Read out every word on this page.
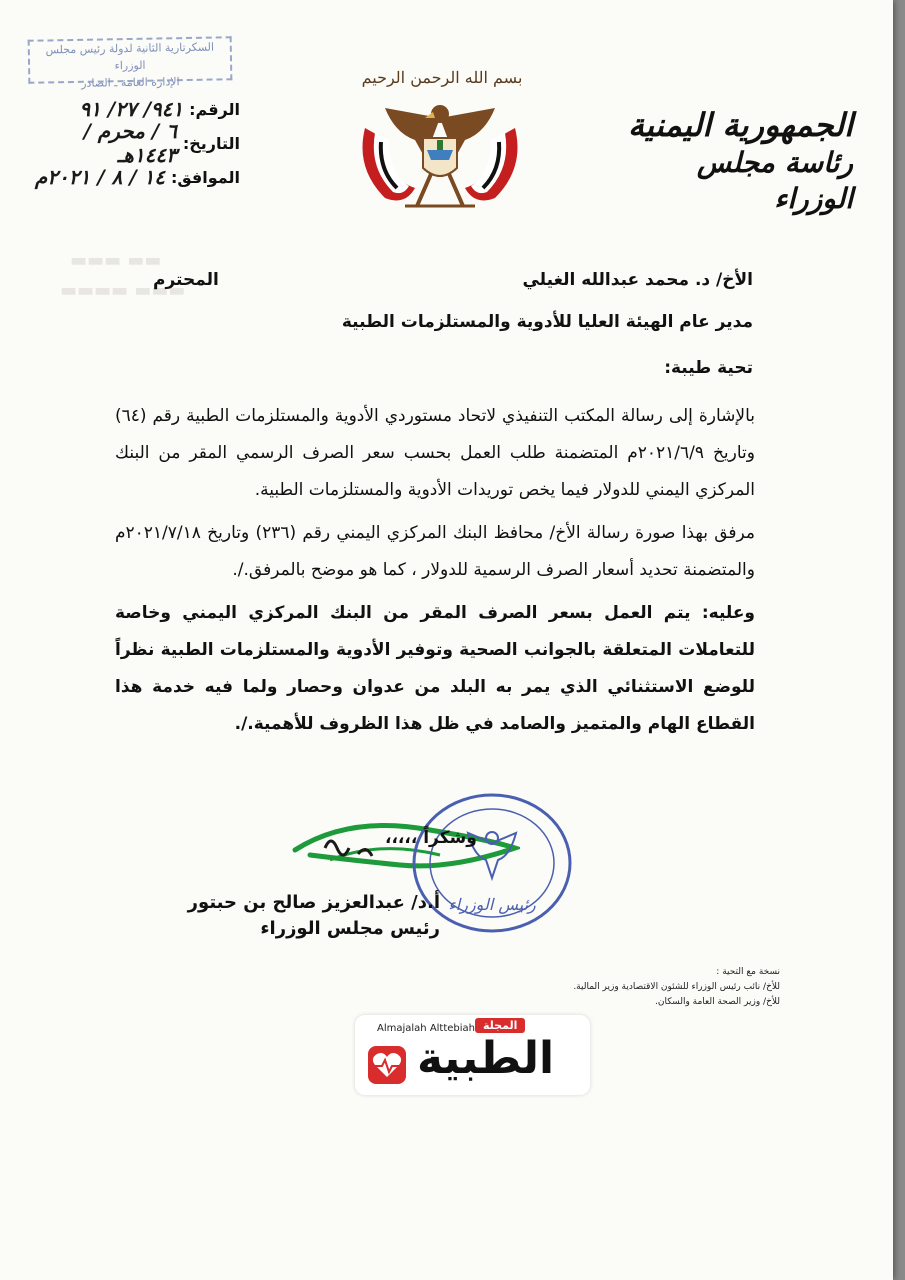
▬▬▬ ▬▬
▬▬▬▬ ▬▬▬
السكرتارية الثانية لدولة رئيس مجلس الوزراء
الإدارة العامة ـ الصادر
الرقم:
٩٤١/ ٢٧/ ٩١
التاريخ:
٦ / محرم / ١٤٤٣هـ
الموافق:
١٤ / ٨ / ٢٠٢١م
بسم الله الرحمن الرحيم
الجمهورية اليمنية
رئاسة مجلس الوزراء
الأخ/ د. محمد عبدالله الغيلي
المحترم
مدير عام الهيئة العليا للأدوية والمستلزمات الطبية
تحية طيبة:

بالإشارة إلى رسالة المكتب التنفيذي لاتحاد مستوردي الأدوية والمستلزمات الطبية رقم (٦٤) وتاريخ ٢٠٢١/٦/٩م المتضمنة طلب العمل بحسب سعر الصرف الرسمي المقر من البنك المركزي اليمني للدولار فيما يخص توريدات الأدوية والمستلزمات الطبية.

مرفق بهذا صورة رسالة الأخ/ محافظ البنك المركزي اليمني رقم (٢٣٦) وتاريخ ٢٠٢١/٧/١٨م والمتضمنة تحديد أسعار الصرف الرسمية للدولار ، كما هو موضح بالمرفق./.

وعليه: يتم العمل بسعر الصرف المقر من البنك المركزي اليمني وخاصة للتعاملات المتعلقة بالجوانب الصحية وتوفير الأدوية والمستلزمات الطبية نظراً للوضع الاستثنائي الذي يمر به البلد من عدوان وحصار ولما فيه خدمة هذا القطاع الهام والمتميز والصامد في ظل هذا الظروف للأهمية./.

رئيس الوزراء
وشكراً ،،،،،
أ.د/ عبدالعزيز صالح بن حبتور
رئيس مجلس الوزراء
نسخة مع التحية :
للأخ/ نائب رئيس الوزراء للشئون الاقتصادية وزير المالية.
للأخ/ وزير الصحة العامة والسكان.
Almajalah Alttebiah المجلة
الطبية
